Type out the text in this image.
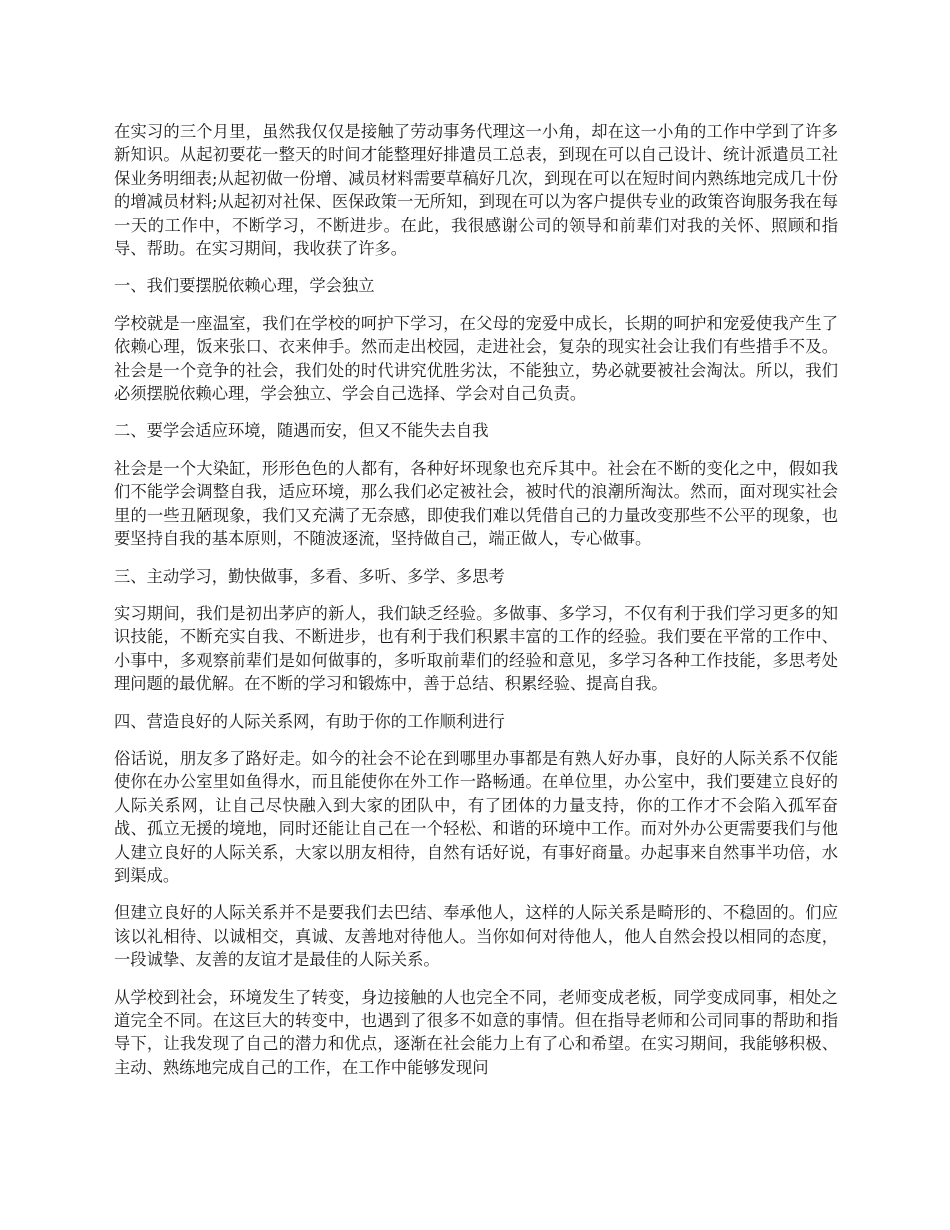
在实习的三个月里，虽然我仅仅是接触了劳动事务代理这一小角，却在这一小角的工作中学到了许多新知识。从起初要花一整天的时间才能整理好排遣员工总表，到现在可以自己设计、统计派遣员工社保业务明细表;从起初做一份增、减员材料需要草稿好几次，到现在可以在短时间内熟练地完成几十份的增减员材料;从起初对社保、医保政策一无所知，到现在可以为客户提供专业的政策咨询服务我在每一天的工作中，不断学习，不断进步。在此，我很感谢公司的领导和前辈们对我的关怀、照顾和指导、帮助。在实习期间，我收获了许多。

一、我们要摆脱依赖心理，学会独立

学校就是一座温室，我们在学校的呵护下学习，在父母的宠爱中成长，长期的呵护和宠爱使我产生了依赖心理，饭来张口、衣来伸手。然而走出校园，走进社会，复杂的现实社会让我们有些措手不及。社会是一个竞争的社会，我们处的时代讲究优胜劣汰，不能独立，势必就要被社会淘汰。所以，我们必须摆脱依赖心理，学会独立、学会自己选择、学会对自己负责。

二、要学会适应环境，随遇而安，但又不能失去自我

社会是一个大染缸，形形色色的人都有，各种好坏现象也充斥其中。社会在不断的变化之中，假如我们不能学会调整自我，适应环境，那么我们必定被社会，被时代的浪潮所淘汰。然而，面对现实社会里的一些丑陋现象，我们又充满了无奈感，即使我们难以凭借自己的力量改变那些不公平的现象，也要坚持自我的基本原则，不随波逐流，坚持做自己，端正做人，专心做事。

三、主动学习，勤快做事，多看、多听、多学、多思考

实习期间，我们是初出茅庐的新人，我们缺乏经验。多做事、多学习，不仅有利于我们学习更多的知识技能，不断充实自我、不断进步，也有利于我们积累丰富的工作的经验。我们要在平常的工作中、小事中，多观察前辈们是如何做事的，多听取前辈们的经验和意见，多学习各种工作技能，多思考处理问题的最优解。在不断的学习和锻炼中，善于总结、积累经验、提高自我。

四、营造良好的人际关系网，有助于你的工作顺利进行

俗话说，朋友多了路好走。如今的社会不论在到哪里办事都是有熟人好办事，良好的人际关系不仅能使你在办公室里如鱼得水，而且能使你在外工作一路畅通。在单位里，办公室中，我们要建立良好的人际关系网，让自己尽快融入到大家的团队中，有了团体的力量支持，你的工作才不会陷入孤军奋战、孤立无援的境地，同时还能让自己在一个轻松、和谐的环境中工作。而对外办公更需要我们与他人建立良好的人际关系，大家以朋友相待，自然有话好说，有事好商量。办起事来自然事半功倍，水到渠成。

但建立良好的人际关系并不是要我们去巴结、奉承他人，这样的人际关系是畸形的、不稳固的。们应该以礼相待、以诚相交，真诚、友善地对待他人。当你如何对待他人，他人自然会投以相同的态度，一段诚挚、友善的友谊才是最佳的人际关系。

从学校到社会，环境发生了转变，身边接触的人也完全不同，老师变成老板，同学变成同事，相处之道完全不同。在这巨大的转变中，也遇到了很多不如意的事情。但在指导老师和公司同事的帮助和指导下，让我发现了自己的潜力和优点，逐渐在社会能力上有了心和希望。在实习期间，我能够积极、主动、熟练地完成自己的工作，在工作中能够发现问
